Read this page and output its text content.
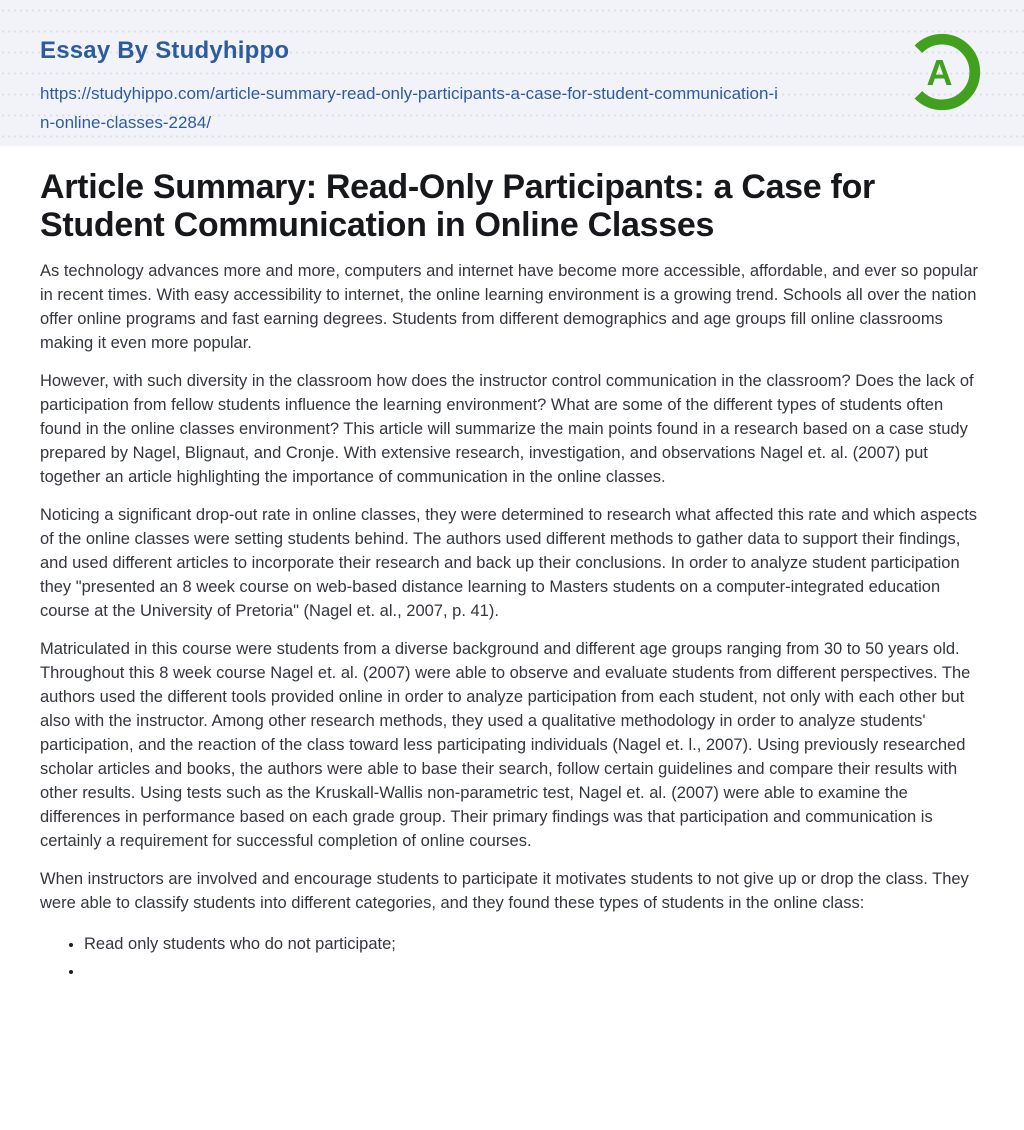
Essay By Studyhippo
https://studyhippo.com/article-summary-read-only-participants-a-case-for-student-communication-in-online-classes-2284/
A
Article Summary: Read-Only Participants: a Case for Student Communication in Online Classes

As technology advances more and more, computers and internet have become more accessible, affordable, and ever so popular in recent times. With easy accessibility to internet, the online learning environment is a growing trend. Schools all over the nation offer online programs and fast earning degrees. Students from different demographics and age groups fill online classrooms making it even more popular.

However, with such diversity in the classroom how does the instructor control communication in the classroom? Does the lack of participation from fellow students influence the learning environment? What are some of the different types of students often found in the online classes environment? This article will summarize the main points found in a research based on a case study prepared by Nagel, Blignaut, and Cronje. With extensive research, investigation, and observations Nagel et. al. (2007) put together an article highlighting the importance of communication in the online classes.

Noticing a significant drop-out rate in online classes, they were determined to research what affected this rate and which aspects of the online classes were setting students behind. The authors used different methods to gather data to support their findings, and used different articles to incorporate their research and back up their conclusions. In order to analyze student participation they "presented an 8 week course on web-based distance learning to Masters students on a computer-integrated education course at the University of Pretoria" (Nagel et. al., 2007, p. 41).

Matriculated in this course were students from a diverse background and different age groups ranging from 30 to 50 years old. Throughout this 8 week course Nagel et. al. (2007) were able to observe and evaluate students from different perspectives. The authors used the different tools provided online in order to analyze participation from each student, not only with each other but also with the instructor. Among other research methods, they used a qualitative methodology in order to analyze students' participation, and the reaction of the class toward less participating individuals (Nagel et. l., 2007). Using previously researched scholar articles and books, the authors were able to base their search, follow certain guidelines and compare their results with other results. Using tests such as the Kruskall-Wallis non-parametric test, Nagel et. al. (2007) were able to examine the differences in performance based on each grade group. Their primary findings was that participation and communication is certainly a requirement for successful completion of online courses.

When instructors are involved and encourage students to participate it motivates students to not give up or drop the class. They were able to classify students into different categories, and they found these types of students in the online class:

• Read only students who do not participate;
•
